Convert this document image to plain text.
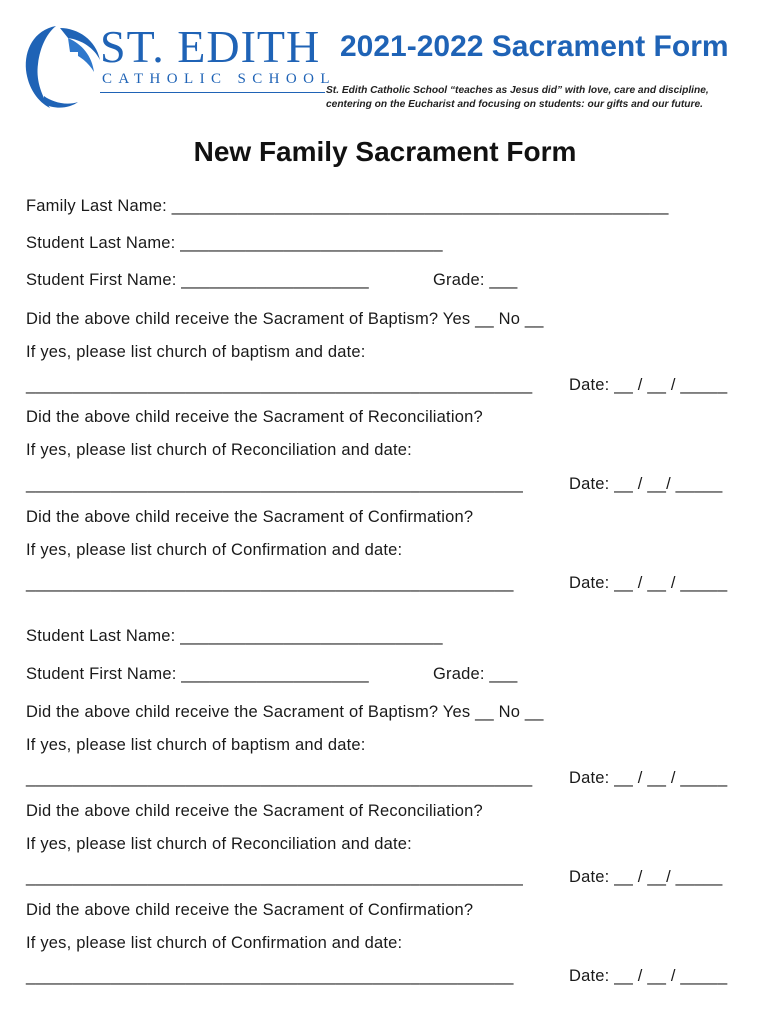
ST. EDITH
CATHOLIC SCHOOL
2021-2022 Sacrament Form
St. Edith Catholic School “teaches as Jesus did” with love, care and discipline,
centering on the Eucharist and focusing on students: our gifts and our future.
New Family Sacrament Form
Family Last Name: _____________________________________________________
Student Last Name: ____________________________
Student First Name: ____________________	Grade: ___
Did the above child receive the Sacrament of Baptism? Yes __ No __
If yes, please list church of baptism and date:
______________________________________________________ Date: __ / __ / _____
Did the above child receive the Sacrament of Reconciliation?
If yes, please list church of Reconciliation and date:
_____________________________________________________	Date: __ / __/ _____
Did the above child receive the Sacrament of Confirmation?
If yes, please list church of Confirmation and date:
____________________________________________________	Date: __ / __ / _____
Student Last Name: ____________________________
Student First Name: ____________________	Grade: ___
Did the above child receive the Sacrament of Baptism? Yes __ No __
If yes, please list church of baptism and date:
______________________________________________________ Date: __ / __ / _____
Did the above child receive the Sacrament of Reconciliation?
If yes, please list church of Reconciliation and date:
_____________________________________________________	Date: __ / __/ _____
Did the above child receive the Sacrament of Confirmation?
If yes, please list church of Confirmation and date:
____________________________________________________	Date: __ / __ / _____
